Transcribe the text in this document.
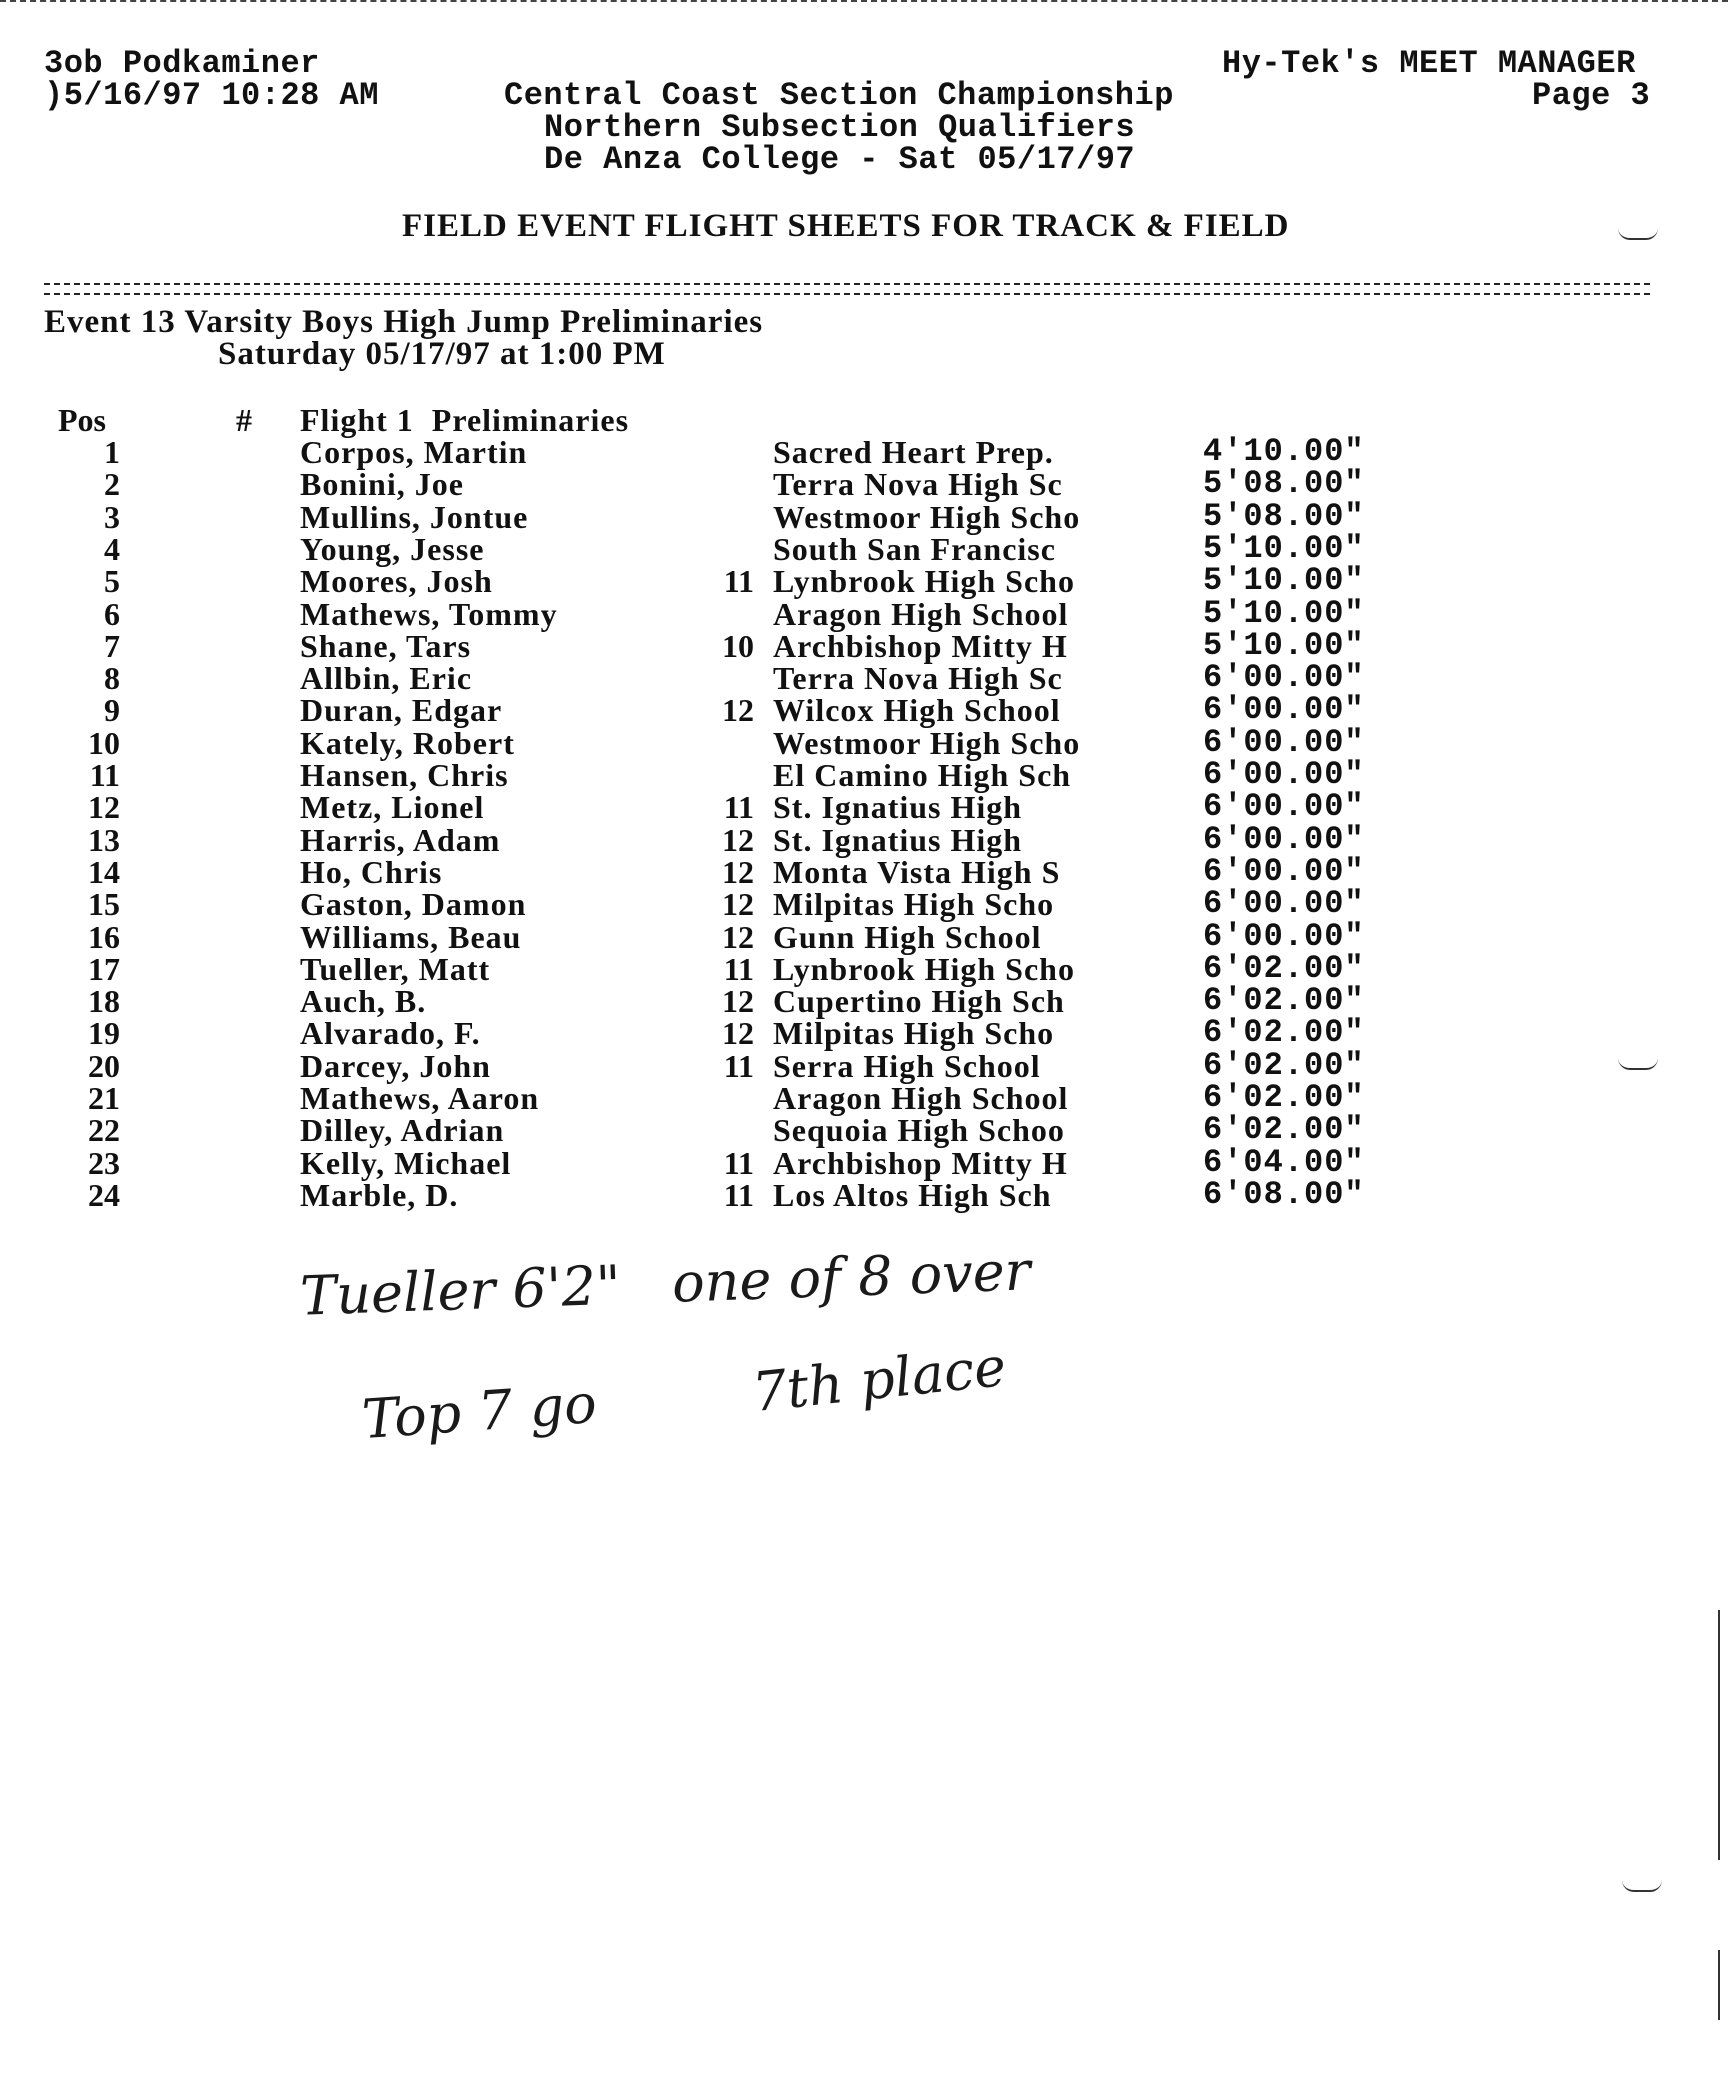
3ob Podkaminer
)5/16/97 10:28 AM
Hy-Tek's MEET MANAGER
Page 3
Central Coast Section Championship
Northern Subsection Qualifiers
De Anza College - Sat 05/17/97
FIELD EVENT FLIGHT SHEETS FOR TRACK & FIELD
Event 13 Varsity Boys High Jump Preliminaries
Saturday 05/17/97 at 1:00 PM
Pos	# Flight 1  Preliminaries
1	Corpos, Martin	Sacred Heart Prep.	4'10.00"
2	Bonini, Joe	Terra Nova High Sc	5'08.00"
3	Mullins, Jontue	Westmoor High Scho	5'08.00"
4	Young, Jesse	South San Francisc	5'10.00"
5	Moores, Josh	11 Lynbrook High Scho	5'10.00"
6	Mathews, Tommy	Aragon High School	5'10.00"
7	Shane, Tars	10 Archbishop Mitty H	5'10.00"
8	Allbin, Eric	Terra Nova High Sc	6'00.00"
9	Duran, Edgar	12 Wilcox High School	6'00.00"
10	Kately, Robert	Westmoor High Scho	6'00.00"
11	Hansen, Chris	El Camino High Sch	6'00.00"
12	Metz, Lionel	11 St. Ignatius High	6'00.00"
13	Harris, Adam	12 St. Ignatius High	6'00.00"
14	Ho, Chris	12 Monta Vista High S	6'00.00"
15	Gaston, Damon	12 Milpitas High Scho	6'00.00"
16	Williams, Beau	12 Gunn High School	6'00.00"
17	Tueller, Matt	11 Lynbrook High Scho	6'02.00"
18	Auch, B.	12 Cupertino High Sch	6'02.00"
19	Alvarado, F.	12 Milpitas High Scho	6'02.00"
20	Darcey, John	11 Serra High School	6'02.00"
21	Mathews, Aaron	Aragon High School	6'02.00"
22	Dilley, Adrian	Sequoia High Schoo	6'02.00"
23	Kelly, Michael	11 Archbishop Mitty H	6'04.00"
24	Marble, D.	11 Los Altos High Sch	6'08.00"
Tueller 6'2"   one of 8 over
Top 7 go	7th place
